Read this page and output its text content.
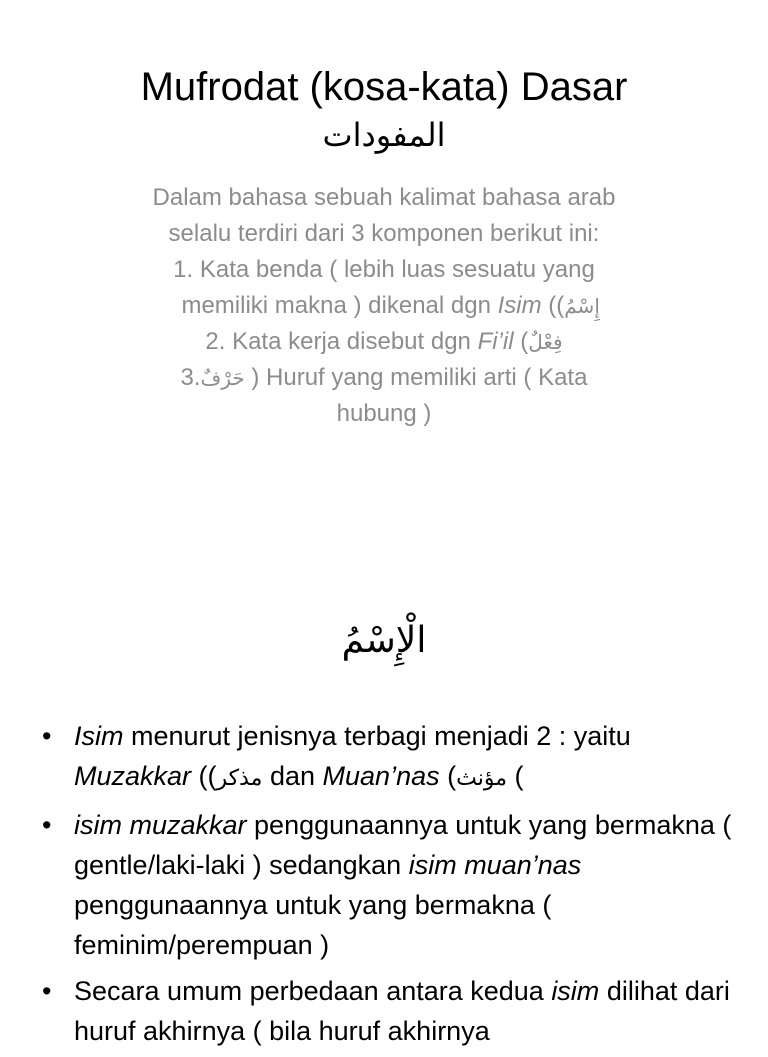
Mufrodat (kosa-kata) Dasar
المفودات

Dalam bahasa sebuah kalimat bahasa arab

selalu terdiri dari 3 komponen berikut ini:

1. Kata benda ( lebih luas sesuatu yang
memiliki makna ) dikenal dgn Isim ((إِسْمُ

2. Kata kerja disebut dgn Fi’il (فِعْلٌ

3.حَرْفٌ ) Huruf yang memiliki arti ( Kata
hubung )

الْإِسْمُ
• Isim menurut jenisnya terbagi menjadi 2 : yaitu Muzakkar ((مذكر dan Muan’nas (مؤنث (
• isim muzakkar penggunaannya untuk yang bermakna ( gentle/laki-laki ) sedangkan isim muan’nas penggunaannya untuk yang bermakna ( feminim/perempuan )
• Secara umum perbedaan antara kedua isim dilihat dari huruf akhirnya ( bila huruf akhirnya
